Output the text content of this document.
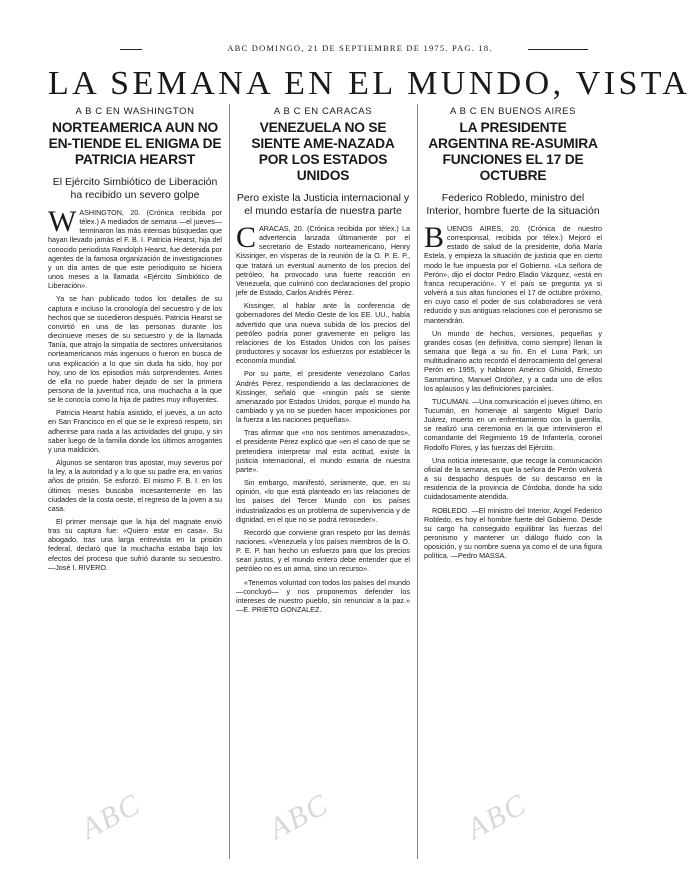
ABC DOMINGO, 21 DE SEPTIEMBRE DE 1975. PAG. 18.
LA SEMANA EN EL MUNDO, VISTA
A B C EN WASHINGTON
NORTEAMERICA AUN NO EN-TIENDE EL ENIGMA DE PATRICIA HEARST
El Ejército Simbiótico de Liberación ha recibido un severo golpe

WASHINGTON, 20. (Crónica recibida por télex.) A mediados de semana —el jueves— terminaron las más intensas búsquedas que hayan llevado jamás el F. B. I. Patricia Hearst, hija del conocido periodista Randolph Hearst, fue detenida por agentes de la famosa organización de investigaciones y un día antes de que este periodiquito se hiciera unos meses a la llamada «Ejército Simbiótico de Liberación».

Ya se han publicado todos los detalles de su captura e incluso la cronología del secuestro y de los hechos que se sucedieron después. Patricia Hearst se convirtió en una de las personas durante los diecinueve meses de su secuestro y de la llamada Tanía, que atrajo la simpatía de sectores universitarios norteamericanos más ingenuos o fueron en busca de una explicación a lo que sin duda ha sido, hoy por hoy, uno de los episodios más sorprendentes. Antes de ella no puede haber dejado de ser la primera persona de la juventud rica, una muchacha a la que se le conocía como la hija de padres muy influyentes.

Patricia Hearst había asistido, el jueves, a un acto en San Francisco en el que se le expresó respeto, sin adherirse para nada a las actividades del grupo, y sin saber luego de la familia donde los últimos arrogantes y una maldición.

Algunos se sentaron tras apostar, muy severos por la ley, a la autoridad y a lo que su padre era, en varios años de prisión. Se esforzó. El mismo F. B. I. en los últimos meses buscaba incesantemente en las ciudades de la costa oeste, el regreso de la joven a su casa.

El primer mensaje que la hija del magnate envió tras su captura fue: «Quiero estar en casa». Su abogado, tras una larga entrevista en la prisión federal, declaró que la muchacha estaba bajo los efectos del proceso que sufrió durante su secuestro. —José I. RIVERO.

A B C EN CARACAS
VENEZUELA NO SE SIENTE AME-NAZADA POR LOS ESTADOS UNIDOS
Pero existe la Justicia internacional y el mundo estaría de nuestra parte

CARACAS, 20. (Crónica recibida por télex.) La advertencia lanzada últimamente por el secretario de Estado norteamericano, Henry Kissinger, en vísperas de la reunión de la O. P. E. P., que tratará un eventual aumento de los precios del petróleo, ha provocado una fuerte reacción en Venezuela, que culminó con declaraciones del propio jefe de Estado, Carlos Andrés Pérez.

Kissinger, al hablar ante la conferencia de gobernadores del Medio Oeste de los EE. UU., había advertido que una nueva subida de los precios del petróleo podría poner gravemente en peligro las relaciones de los Estados Unidos con los países productores y socavar los esfuerzos por establecer la economía mundial.

Por su parte, el presidente venezolano Carlos Andrés Pérez, respondiendo a las declaraciones de Kissinger, señaló que «ningún país se siente amenazado por Estados Unidos, porque el mundo ha cambiado y ya no se pueden hacer imposiciones por la fuerza a las naciones pequeñas».

Tras afirmar que «no nos sentimos amenazados», el presidente Pérez explicó que «en el caso de que se pretendiera interpretar mal esta actitud, existe la justicia internacional, el mundo estaría de nuestra parte».

Sin embargo, manifestó, seriamente, que, en su opinión, «lo que está planteado en las relaciones de los países del Tercer Mundo con los países industrializados es un problema de supervivencia y de dignidad, en el que no se podrá retroceder».

Recordó que conviene gran respeto por las demás naciones. «Venezuela y los países miembros de la O. P. E. P. han hecho un esfuerzo para que los precios sean justos, y el mundo entero debe entender que el petróleo no es un arma, sino un recurso».

«Tenemos voluntad con todos los países del mundo —concluyó— y nos proponemos defender los intereses de nuestro pueblo, sin renunciar a la paz.» —E. PRIETO GONZALEZ.

A B C EN BUENOS AIRES
LA PRESIDENTE ARGENTINA RE-ASUMIRA FUNCIONES EL 17 DE OCTUBRE
Federico Robledo, ministro del Interior, hombre fuerte de la situación

BUENOS AIRES, 20. (Crónica de nuestro corresponsal, recibida por télex.) Mejoró el estado de salud de la presidente, doña María Estela, y empieza la situación de justicia que en cierto modo le fue impuesta por el Gobierno. «La señora de Perón», dijo el doctor Pedro Eladio Vázquez, «está en franca recuperación». Y el país se pregunta ya si volverá a sus altas funciones el 17 de octubre próximo, en cuyo caso el poder de sus colaboradores se verá reducido y sus antiguas relaciones con el peronismo se mantendrán.

Un mundo de hechos, versiones, pequeñas y grandes cosas (en definitiva, como siempre) llenan la semana que llega a su fin. En el Luna Park, un multitudinario acto recordó el derrocamiento del general Perón en 1955, y hablaron Américo Ghioldi, Ernesto Sammartino, Manuel Ordóñez, y a cada uno de ellos los aplausos y las definiciones parciales.

TUCUMAN. —Una comunicación el jueves último, en Tucumán, en homenaje al sargento Miguel Darío Juárez, muerto en un enfrentamiento con la guerrilla, se realizó una ceremonia en la que intervinieron el comandante del Regimiento 19 de Infantería, coronel Rodolfo Flores, y las fuerzas del Ejército.

Una noticia interesante, que recoge la comunicación oficial de la semana, es que la señora de Perón volverá a su despacho después de su descanso en la residencia de la provincia de Córdoba, donde ha sido cuidadosamente atendida.

ROBLEDO. —El ministro del Interior, Angel Federico Robledo, es hoy el hombre fuerte del Gobierno. Desde su cargo ha conseguido equilibrar las fuerzas del peronismo y mantener un diálogo fluido con la oposición, y su nombre suena ya como el de una figura política. —Pedro MASSA.

ABC	ABC	ABC
